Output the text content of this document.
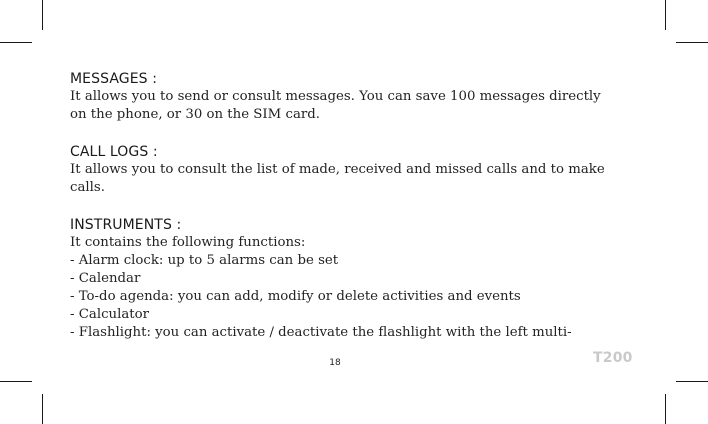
MESSAGES :
It allows you to send or consult messages. You can save 100 messages directly
on the phone, or 30 on the SIM card.
CALL LOGS :
It allows you to consult the list of made, received and missed calls and to make
calls.
INSTRUMENTS :
It contains the following functions:
- Alarm clock: up to 5 alarms can be set
- Calendar
- To-do agenda: you can add, modify or delete activities and events
- Calculator
- Flashlight: you can activate / deactivate the flashlight with the left multi-
18	T200
